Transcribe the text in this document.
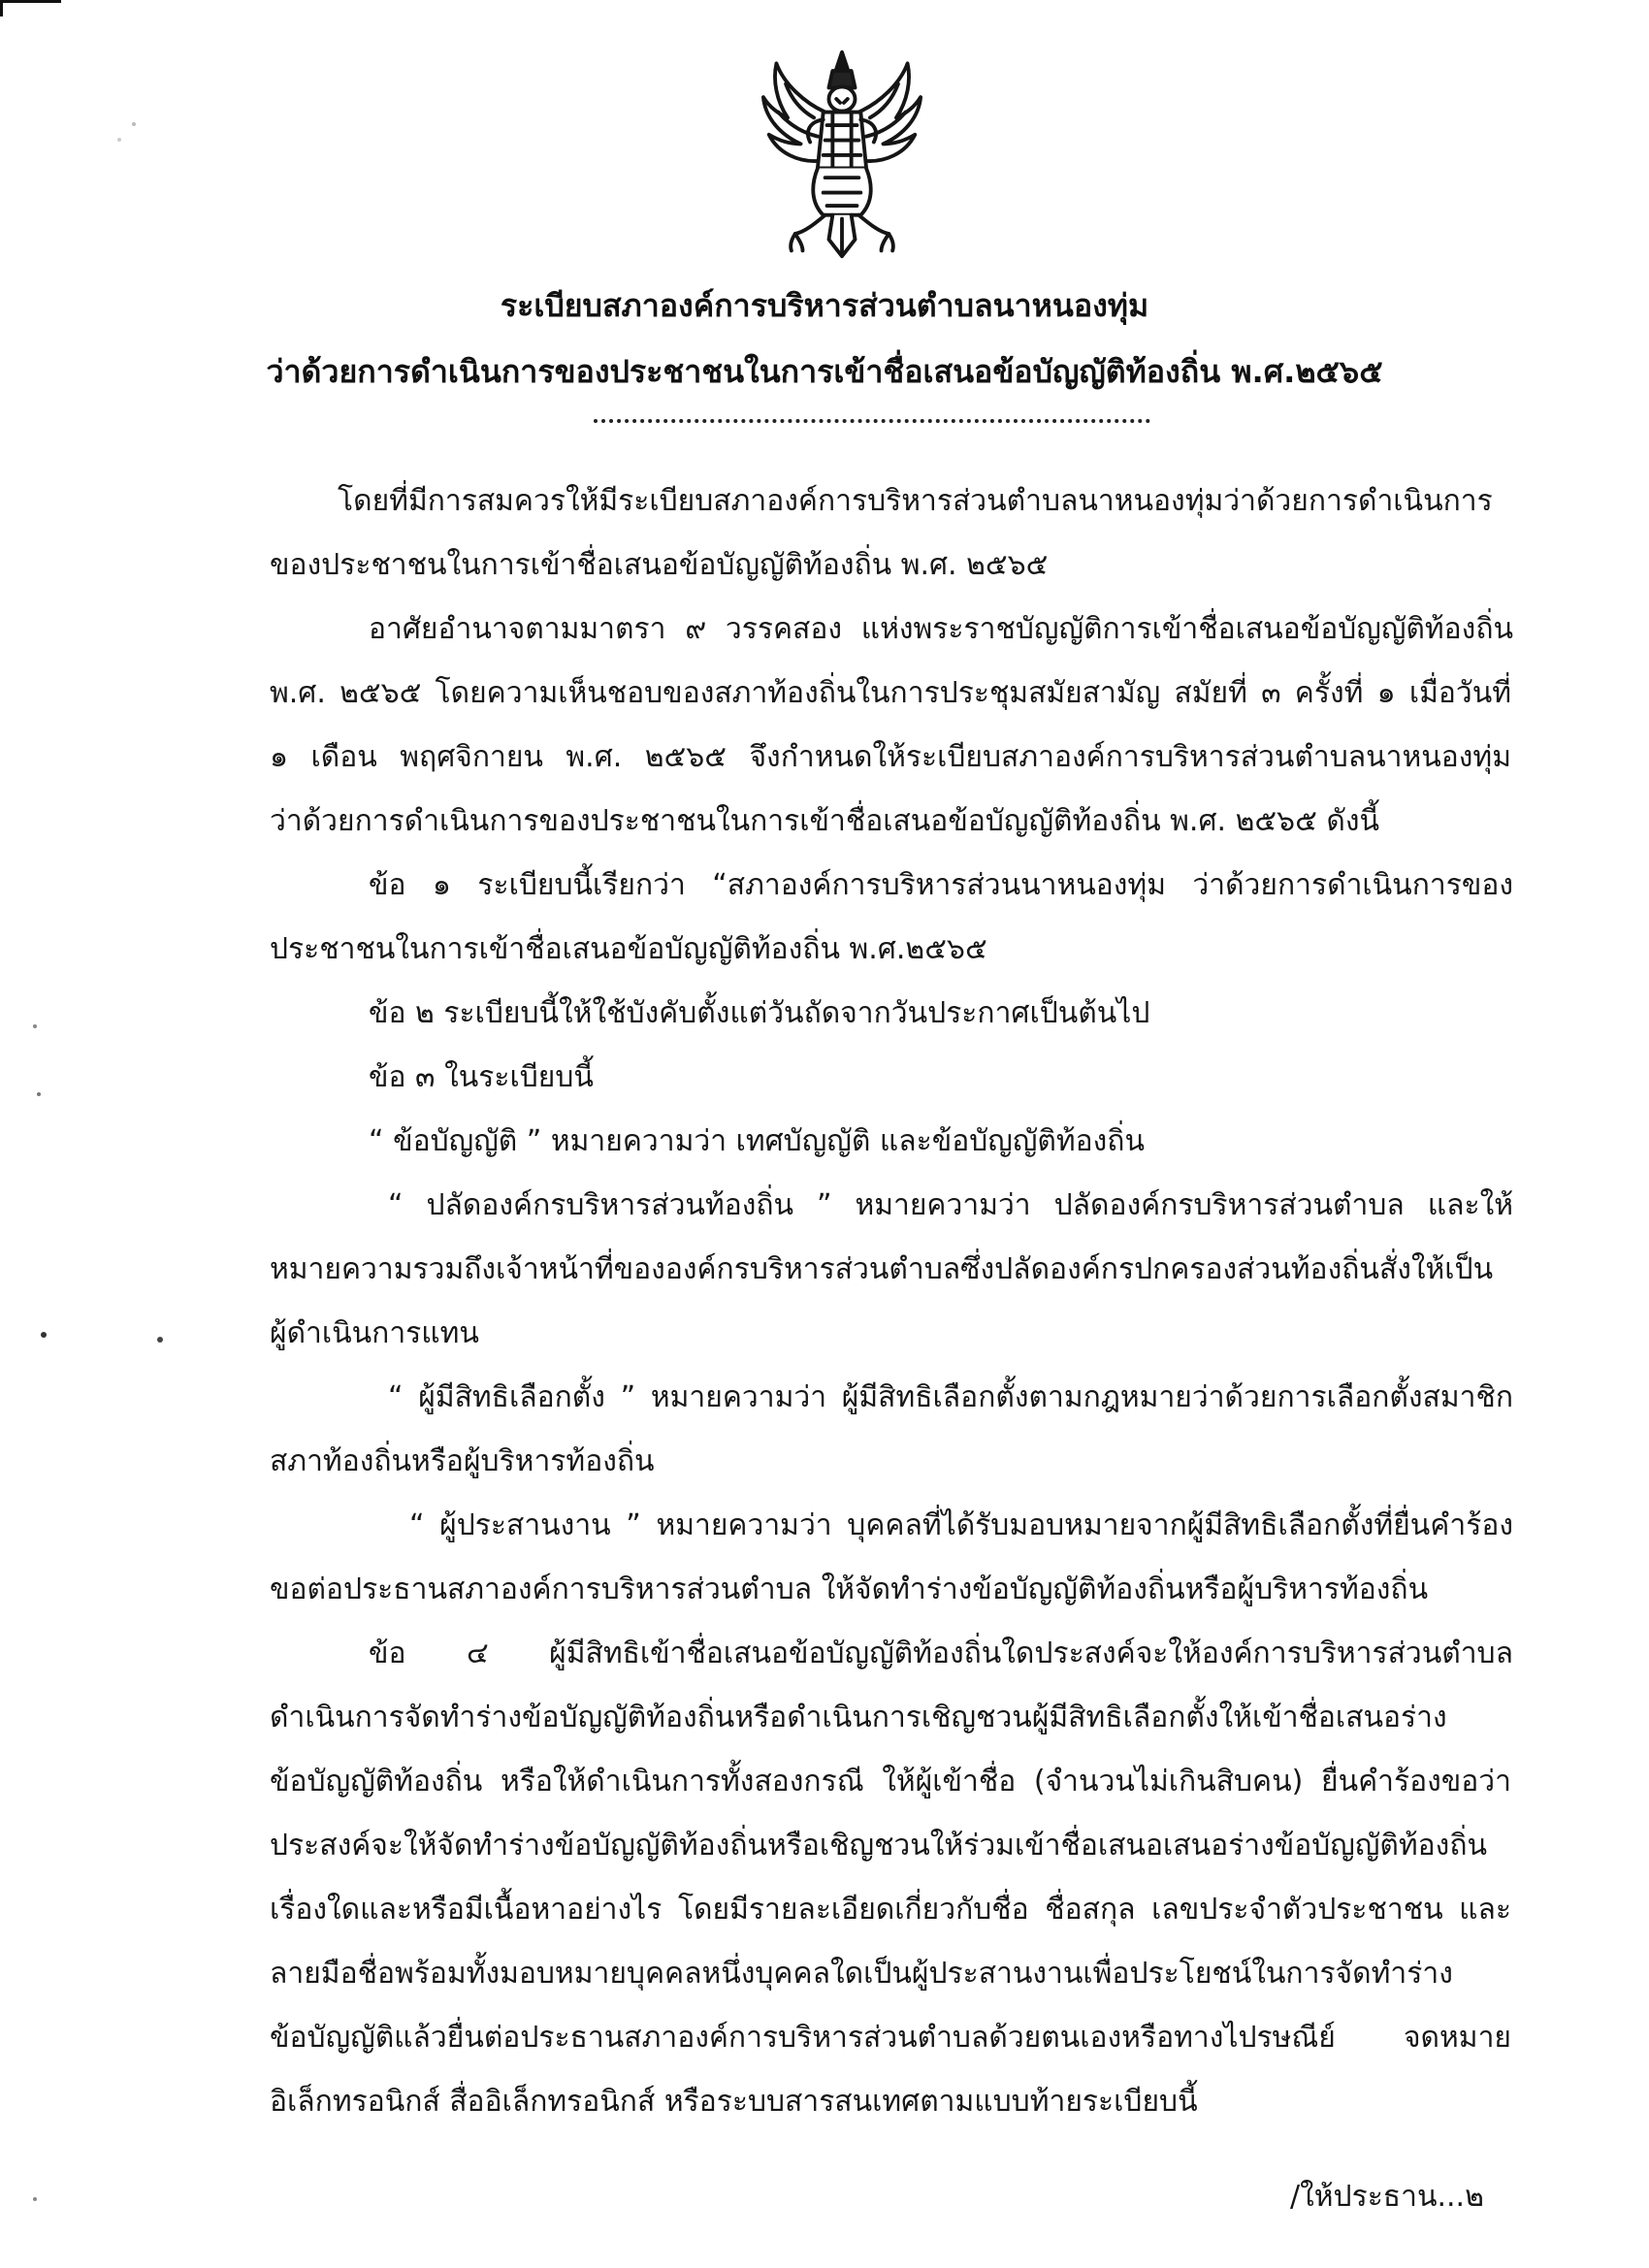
ระเบียบสภาองค์การบริหารส่วนตำบลนาหนองทุ่ม
ว่าด้วยการดำเนินการของประชาชนในการเข้าชื่อเสนอข้อบัญญัติท้องถิ่น พ.ศ.๒๕๖๕
โดยที่มีการสมควรให้มีระเบียบสภาองค์การบริหารส่วนตำบลนาหนองทุ่มว่าด้วยการดำเนินการ
ของประชาชนในการเข้าชื่อเสนอข้อบัญญัติท้องถิ่น พ.ศ. ๒๕๖๕
อาศัยอำนาจตามมาตรา ๙ วรรคสอง แห่งพระราชบัญญัติการเข้าชื่อเสนอข้อบัญญัติท้องถิ่น
พ.ศ. ๒๕๖๕ โดยความเห็นชอบของสภาท้องถิ่นในการประชุมสมัยสามัญ สมัยที่ ๓ ครั้งที่ ๑ เมื่อวันที่
๑ เดือน พฤศจิกายน พ.ศ. ๒๕๖๕ จึงกำหนดให้ระเบียบสภาองค์การบริหารส่วนตำบลนาหนองทุ่ม
ว่าด้วยการดำเนินการของประชาชนในการเข้าชื่อเสนอข้อบัญญัติท้องถิ่น พ.ศ. ๒๕๖๕ ดังนี้
ข้อ ๑ ระเบียบนี้เรียกว่า “สภาองค์การบริหารส่วนนาหนองทุ่ม ว่าด้วยการดำเนินการของ
ประชาชนในการเข้าชื่อเสนอข้อบัญญัติท้องถิ่น พ.ศ.๒๕๖๕
ข้อ ๒ ระเบียบนี้ให้ใช้บังคับตั้งแต่วันถัดจากวันประกาศเป็นต้นไป
ข้อ ๓ ในระเบียบนี้
“ ข้อบัญญัติ ” หมายความว่า เทศบัญญัติ และข้อบัญญัติท้องถิ่น
“ ปลัดองค์กรบริหารส่วนท้องถิ่น ” หมายความว่า ปลัดองค์กรบริหารส่วนตำบล และให้
หมายความรวมถึงเจ้าหน้าที่ขององค์กรบริหารส่วนตำบลซึ่งปลัดองค์กรปกครองส่วนท้องถิ่นสั่งให้เป็น
ผู้ดำเนินการแทน
“ ผู้มีสิทธิเลือกตั้ง ” หมายความว่า ผู้มีสิทธิเลือกตั้งตามกฎหมายว่าด้วยการเลือกตั้งสมาชิก
สภาท้องถิ่นหรือผู้บริหารท้องถิ่น
“ ผู้ประสานงาน ” หมายความว่า บุคคลที่ได้รับมอบหมายจากผู้มีสิทธิเลือกตั้งที่ยื่นคำร้อง
ขอต่อประธานสภาองค์การบริหารส่วนตำบล ให้จัดทำร่างข้อบัญญัติท้องถิ่นหรือผู้บริหารท้องถิ่น
ข้อ ๔ ผู้มีสิทธิเข้าชื่อเสนอข้อบัญญัติท้องถิ่นใดประสงค์จะให้องค์การบริหารส่วนตำบล
ดำเนินการจัดทำร่างข้อบัญญัติท้องถิ่นหรือดำเนินการเชิญชวนผู้มีสิทธิเลือกตั้งให้เข้าชื่อเสนอร่าง
ข้อบัญญัติท้องถิ่น หรือให้ดำเนินการทั้งสองกรณี ให้ผู้เข้าชื่อ (จำนวนไม่เกินสิบคน) ยื่นคำร้องขอว่า
ประสงค์จะให้จัดทำร่างข้อบัญญัติท้องถิ่นหรือเชิญชวนให้ร่วมเข้าชื่อเสนอเสนอร่างข้อบัญญัติท้องถิ่น
เรื่องใดและหรือมีเนื้อหาอย่างไร โดยมีรายละเอียดเกี่ยวกับชื่อ ชื่อสกุล เลขประจำตัวประชาชน และ
ลายมือชื่อพร้อมทั้งมอบหมายบุคคลหนึ่งบุคคลใดเป็นผู้ประสานงานเพื่อประโยชน์ในการจัดทำร่าง
ข้อบัญญัติแล้วยื่นต่อประธานสภาองค์การบริหารส่วนตำบลด้วยตนเองหรือทางไปรษณีย์ จดหมาย
อิเล็กทรอนิกส์ สื่ออิเล็กทรอนิกส์ หรือระบบสารสนเทศตามแบบท้ายระเบียบนี้
/ให้ประธาน...๒
